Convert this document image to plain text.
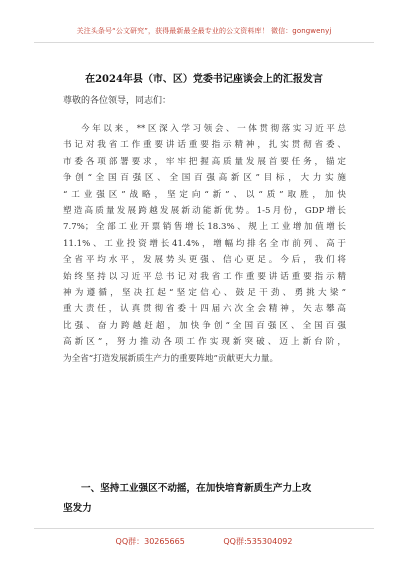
关注头条号“公文研究”，获得最新最全最专业的公文资料库！ 微信：gongwenyj
在2024年县（市、区）党委书记座谈会上的汇报发言
尊敬的各位领导，同志们：
今年以来，**区深入学习领会、一体贯彻落实习近平总
书记对我省工作重要讲话重要指示精神，扎实贯彻省委、
市委各项部署要求，牢牢把握高质量发展首要任务，锚定
争创“全国百强区、全国百强高新区”目标，大力实施
“工业强区”战略，坚定向“新”、以“质”取胜，加快
塑造高质量发展跨越发展新动能新优势。1-5月份，GDP增长
7.7%；全部工业开票销售增长18.3%、规上工业增加值增长
11.1%、工业投资增长41.4%，增幅均排名全市前列、高于
全省平均水平，发展势头更强、信心更足。今后，我们将
始终坚持以习近平总书记对我省工作重要讲话重要指示精
神为遵循，坚决扛起“坚定信心、鼓足干劲、勇挑大梁”
重大责任，认真贯彻省委十四届六次全会精神，矢志攀高
比强、奋力跨越赶超，加快争创“全国百强区、全国百强
高新区”，努力推动各项工作实现新突破、迈上新台阶，
为全省“打造发展新质生产力的重要阵地”贡献更大力量。
一、坚持工业强区不动摇，在加快培育新质生产力上攻
坚发力
QQ群：30265665	QQ群:535304092
